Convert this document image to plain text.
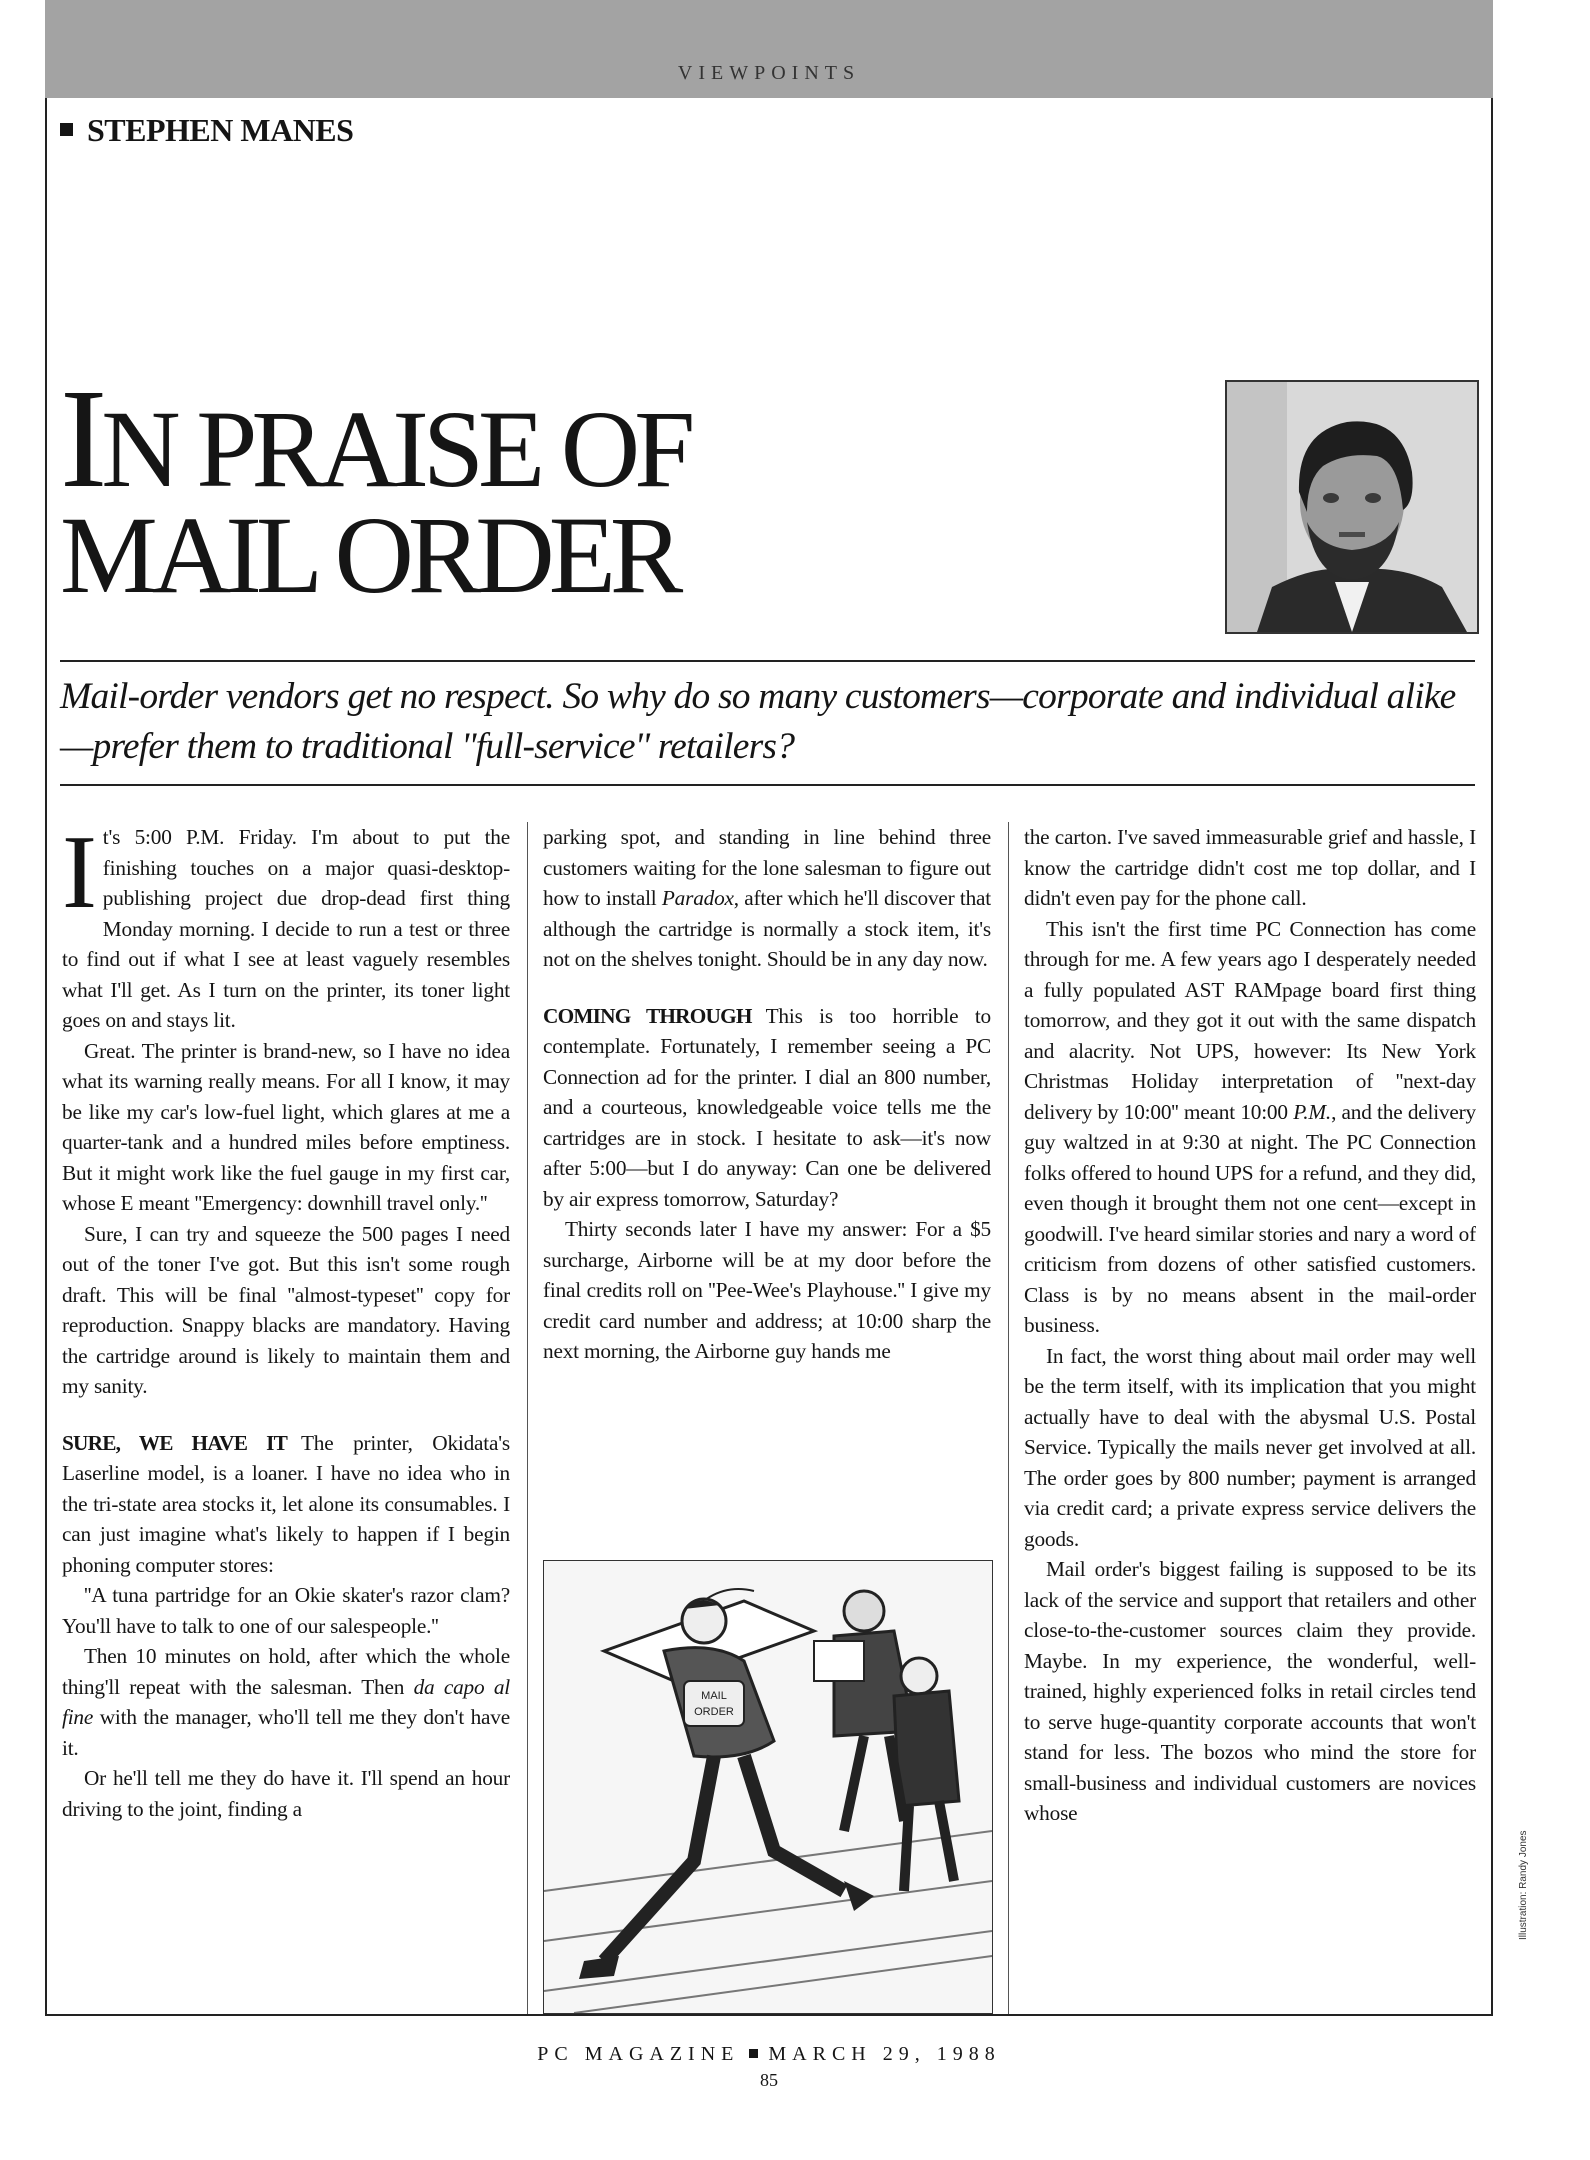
VIEWPOINTS
STEPHEN MANES
IN PRAISE OF
MAIL ORDER
Mail-order vendors get no respect. So why do so many customers—corporate and individual alike—prefer them to traditional ''full-service'' retailers?

It's 5:00 P.M. Friday. I'm about to put the finishing touches on a major quasi-desktop-publishing project due drop-dead first thing Monday morning. I decide to run a test or three to find out if what I see at least vaguely resembles what I'll get. As I turn on the printer, its toner light goes on and stays lit.

Great. The printer is brand-new, so I have no idea what its warning really means. For all I know, it may be like my car's low-fuel light, which glares at me a quarter-tank and a hundred miles before emptiness. But it might work like the fuel gauge in my first car, whose E meant ''Emergency: downhill travel only.''

Sure, I can try and squeeze the 500 pages I need out of the toner I've got. But this isn't some rough draft. This will be final ''almost-typeset'' copy for reproduction. Snappy blacks are mandatory. Having the cartridge around is likely to maintain them and my sanity.

SURE, WE HAVE IT The printer, Okidata's Laserline model, is a loaner. I have no idea who in the tri-state area stocks it, let alone its consumables. I can just imagine what's likely to happen if I begin phoning computer stores:

''A tuna partridge for an Okie skater's razor clam? You'll have to talk to one of our salespeople.''

Then 10 minutes on hold, after which the whole thing'll repeat with the salesman. Then da capo al fine with the manager, who'll tell me they don't have it.

Or he'll tell me they do have it. I'll spend an hour driving to the joint, finding a

parking spot, and standing in line behind three customers waiting for the lone salesman to figure out how to install Paradox, after which he'll discover that although the cartridge is normally a stock item, it's not on the shelves tonight. Should be in any day now.

COMING THROUGH This is too horrible to contemplate. Fortunately, I remember seeing a PC Connection ad for the printer. I dial an 800 number, and a courteous, knowledgeable voice tells me the cartridges are in stock. I hesitate to ask—it's now after 5:00—but I do anyway: Can one be delivered by air express tomorrow, Saturday?

Thirty seconds later I have my answer: For a $5 surcharge, Airborne will be at my door before the final credits roll on ''Pee-Wee's Playhouse.'' I give my credit card number and address; at 10:00 sharp the next morning, the Airborne guy hands me

MAIL
ORDER

the carton. I've saved immeasurable grief and hassle, I know the cartridge didn't cost me top dollar, and I didn't even pay for the phone call.

This isn't the first time PC Connection has come through for me. A few years ago I desperately needed a fully populated AST RAMpage board first thing tomorrow, and they got it out with the same dispatch and alacrity. Not UPS, however: Its New York Christmas Holiday interpretation of ''next-day delivery by 10:00'' meant 10:00 P.M., and the delivery guy waltzed in at 9:30 at night. The PC Connection folks offered to hound UPS for a refund, and they did, even though it brought them not one cent—except in goodwill. I've heard similar stories and nary a word of criticism from dozens of other satisfied customers. Class is by no means absent in the mail-order business.

In fact, the worst thing about mail order may well be the term itself, with its implication that you might actually have to deal with the abysmal U.S. Postal Service. Typically the mails never get involved at all. The order goes by 800 number; payment is arranged via credit card; a private express service delivers the goods.

Mail order's biggest failing is supposed to be its lack of the service and support that retailers and other close-to-the-customer sources claim they provide. Maybe. In my experience, the wonderful, well-trained, highly experienced folks in retail circles tend to serve huge-quantity corporate accounts that won't stand for less. The bozos who mind the store for small-business and individual customers are novices whose

Illustration: Randy Jones
PC MAGAZINE MARCH 29, 1988
85
